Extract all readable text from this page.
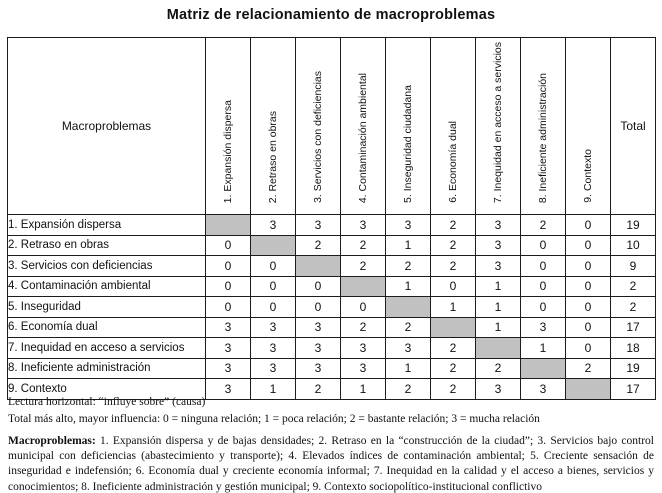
Matriz de relacionamiento de macroproblemas
Macroproblemas	1. Expansión dispersa	2. Retraso en obras	3. Servicios con deficiencias	4. Contaminación ambiental	5. Inseguridad ciudadana	6. Economía dual	7. Inequidad en acceso a servicios	8. Ineficiente administración	9. Contexto	Total
1. Expansión dispersa		3	3	3	3	2	3	2	0	19
2. Retraso en obras	0		2	2	1	2	3	0	0	10
3. Servicios con deficiencias	0	0		2	2	2	3	0	0	9
4. Contaminación ambiental	0	0	0		1	0	1	0	0	2
5. Inseguridad	0	0	0	0		1	1	0	0	2
6. Economía dual	3	3	3	2	2		1	3	0	17
7. Inequidad en acceso a servicios	3	3	3	3	3	2		1	0	18
8. Ineficiente administración	3	3	3	3	1	2	2		2	19
9. Contexto	3	1	2	1	2	2	3	3		17
Lectura horizontal: “influye sobre” (causa)
Total más alto, mayor influencia: 0 = ninguna relación; 1 = poca relación; 2 = bastante relación; 3 = mucha relación

Macroproblemas: 1. Expansión dispersa y de bajas densidades; 2. Retraso en la “construcción de la ciudad”; 3. Servicios bajo control municipal con deficiencias (abastecimiento y transporte); 4. Elevados índices de contaminación ambiental; 5. Creciente sensación de inseguridad e indefensión; 6. Economía dual y creciente economía informal; 7. Inequidad en la calidad y el acceso a bienes, servicios y conocimientos; 8. Ineficiente administración y gestión municipal; 9. Contexto sociopolítico-institucional conflictivo
